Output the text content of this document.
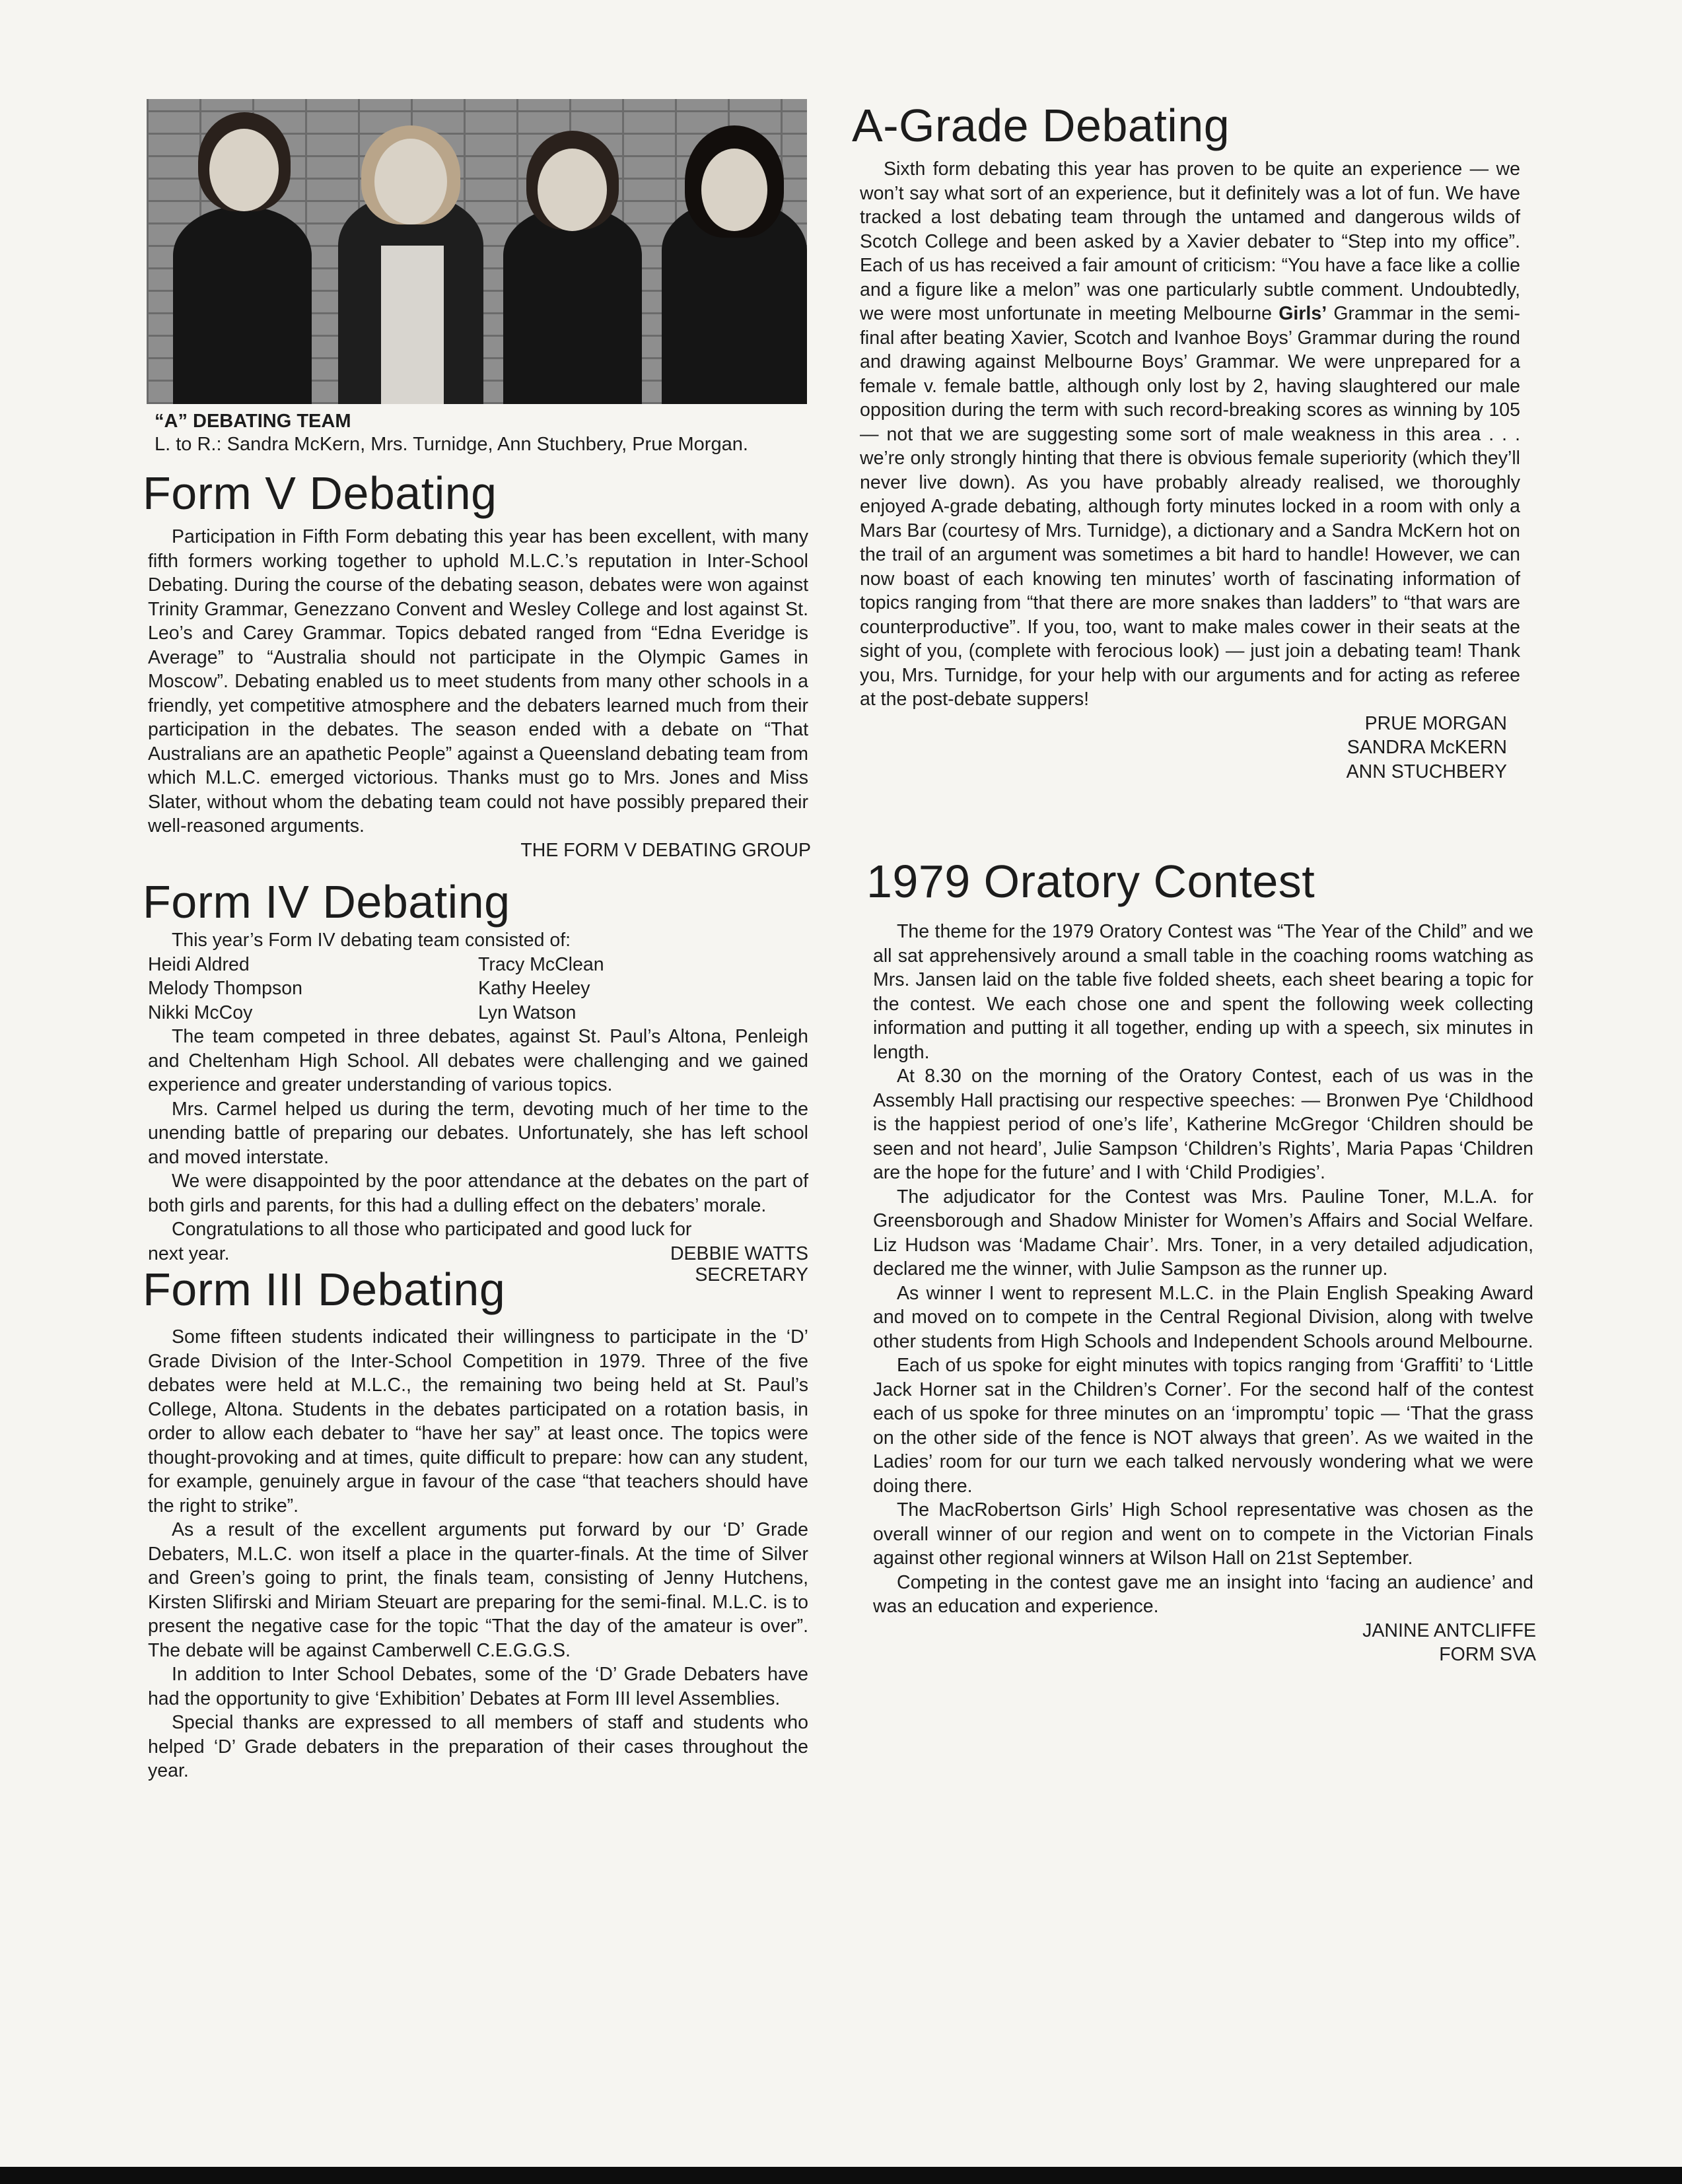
“A” DEBATING TEAM
L. to R.: Sandra McKern, Mrs. Turnidge, Ann Stuchbery, Prue Morgan.
Form V Debating

Participation in Fifth Form debating this year has been excellent, with many fifth formers working together to uphold M.L.C.’s reputation in Inter-School Debating. During the course of the debating season, debates were won against Trinity Grammar, Genezzano Convent and Wesley College and lost against St. Leo’s and Carey Grammar. Topics debated ranged from “Edna Everidge is Average” to “Australia should not participate in the Olympic Games in Moscow”. Debating enabled us to meet students from many other schools in a friendly, yet competitive atmosphere and the debaters learned much from their participation in the debates. The season ended with a debate on “That Australians are an apathetic People” against a Queensland debating team from which M.L.C. emerged victorious. Thanks must go to Mrs. Jones and Miss Slater, without whom the debating team could not have possibly prepared their well-reasoned arguments.

THE FORM V DEBATING GROUP

Form IV Debating

This year’s Form IV debating team consisted of:

Heidi Aldred	Tracy McClean
Melody Thompson	Kathy Heeley
Nikki McCoy	Lyn Watson

The team competed in three debates, against St. Paul’s Altona, Penleigh and Cheltenham High School. All debates were challenging and we gained experience and greater understanding of various topics.

Mrs. Carmel helped us during the term, devoting much of her time to the unending battle of preparing our debates. Unfortunately, she has left school and moved interstate.

We were disappointed by the poor attendance at the debates on the part of both girls and parents, for this had a dulling effect on the debaters’ morale.

Congratulations to all those who participated and good luck for

next year.	DEBBIE WATTS
Form III Debating	SECRETARY

Some fifteen students indicated their willingness to participate in the ‘D’ Grade Division of the Inter-School Competition in 1979. Three of the five debates were held at M.L.C., the remaining two being held at St. Paul’s College, Altona. Students in the debates participated on a rotation basis, in order to allow each debater to “have her say” at least once. The topics were thought-provoking and at times, quite difficult to prepare: how can any student, for example, genuinely argue in favour of the case “that teachers should have the right to strike”.

As a result of the excellent arguments put forward by our ‘D’ Grade Debaters, M.L.C. won itself a place in the quarter-finals. At the time of Silver and Green’s going to print, the finals team, consisting of Jenny Hutchens, Kirsten Slifirski and Miriam Steuart are preparing for the semi-final. M.L.C. is to present the negative case for the topic “That the day of the amateur is over”. The debate will be against Camberwell C.E.G.G.S.

In addition to Inter School Debates, some of the ‘D’ Grade Debaters have had the opportunity to give ‘Exhibition’ Debates at Form III level Assemblies.

Special thanks are expressed to all members of staff and students who helped ‘D’ Grade debaters in the preparation of their cases throughout the year.

A-Grade Debating

Sixth form debating this year has proven to be quite an experience — we won’t say what sort of an experience, but it definitely was a lot of fun. We have tracked a lost debating team through the untamed and dangerous wilds of Scotch College and been asked by a Xavier debater to “Step into my office”. Each of us has received a fair amount of criticism: “You have a face like a collie and a figure like a melon” was one particularly subtle comment. Undoubtedly, we were most unfortunate in meeting Melbourne Girls’ Grammar in the semi-final after beating Xavier, Scotch and Ivanhoe Boys’ Grammar during the round and drawing against Melbourne Boys’ Grammar. We were unprepared for a female v. female battle, although only lost by 2, having slaughtered our male opposition during the term with such record-breaking scores as winning by 105 — not that we are suggesting some sort of male weakness in this area . . . we’re only strongly hinting that there is obvious female superiority (which they’ll never live down). As you have probably already realised, we thoroughly enjoyed A-grade debating, although forty minutes locked in a room with only a Mars Bar (courtesy of Mrs. Turnidge), a dictionary and a Sandra McKern hot on the trail of an argument was sometimes a bit hard to handle! However, we can now boast of each knowing ten minutes’ worth of fascinating information of topics ranging from “that there are more snakes than ladders” to “that wars are counterproductive”. If you, too, want to make males cower in their seats at the sight of you, (complete with ferocious look) — just join a debating team! Thank you, Mrs. Turnidge, for your help with our arguments and for acting as referee at the post-debate suppers!

PRUE MORGAN
SANDRA McKERN
ANN STUCHBERY
1979 Oratory Contest

The theme for the 1979 Oratory Contest was “The Year of the Child” and we all sat apprehensively around a small table in the coaching rooms watching as Mrs. Jansen laid on the table five folded sheets, each sheet bearing a topic for the contest. We each chose one and spent the following week collecting information and putting it all together, ending up with a speech, six minutes in length.

At 8.30 on the morning of the Oratory Contest, each of us was in the Assembly Hall practising our respective speeches: — Bronwen Pye ‘Childhood is the happiest period of one’s life’, Katherine McGregor ‘Children should be seen and not heard’, Julie Sampson ‘Children’s Rights’, Maria Papas ‘Children are the hope for the future’ and I with ‘Child Prodigies’.

The adjudicator for the Contest was Mrs. Pauline Toner, M.L.A. for Greensborough and Shadow Minister for Women’s Affairs and Social Welfare. Liz Hudson was ‘Madame Chair’. Mrs. Toner, in a very detailed adjudication, declared me the winner, with Julie Sampson as the runner up.

As winner I went to represent M.L.C. in the Plain English Speaking Award and moved on to compete in the Central Regional Division, along with twelve other students from High Schools and Independent Schools around Melbourne.

Each of us spoke for eight minutes with topics ranging from ‘Graffiti’ to ‘Little Jack Horner sat in the Children’s Corner’. For the second half of the contest each of us spoke for three minutes on an ‘impromptu’ topic — ‘That the grass on the other side of the fence is NOT always that green’. As we waited in the Ladies’ room for our turn we each talked nervously wondering what we were doing there.

The MacRobertson Girls’ High School representative was chosen as the overall winner of our region and went on to compete in the Victorian Finals against other regional winners at Wilson Hall on 21st September.

Competing in the contest gave me an insight into ‘facing an audience’ and was an education and experience.

JANINE ANTCLIFFE
FORM SVA
